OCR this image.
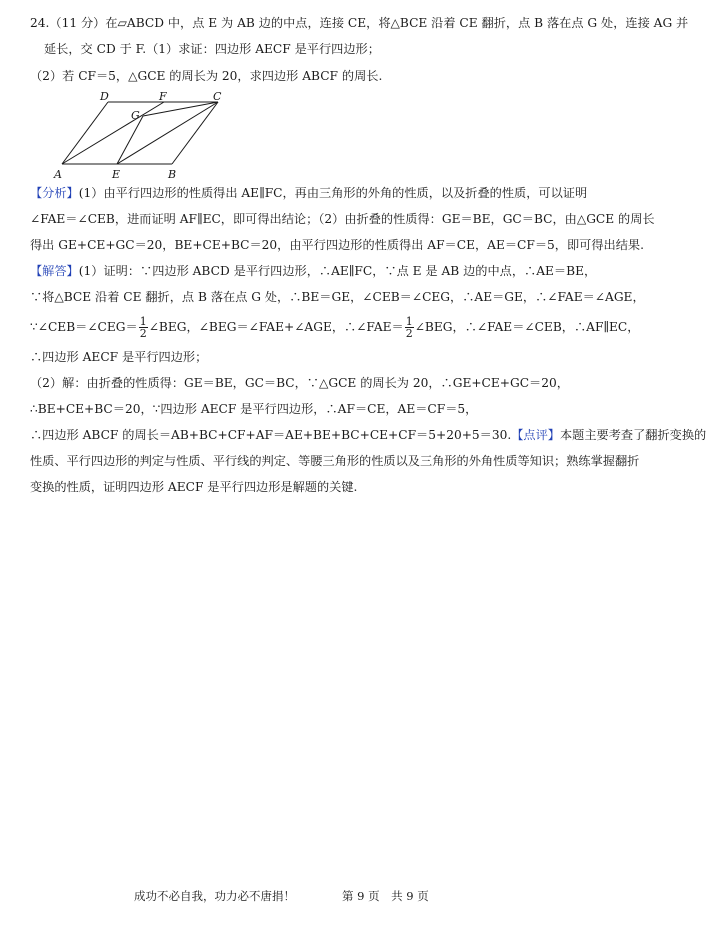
24.（11 分）在▱ABCD 中，点 E 为 AB 边的中点，连接 CE，将△BCE 沿着 CE 翻折，点 B 落在点 G 处，连接 AG 并
延长，交 CD 于 F.（1）求证：四边形 AECF 是平行四边形；
（2）若 CF＝5，△GCE 的周长为 20，求四边形 ABCF 的周长.
D	F	C
G
A	E	B
【分析】(1）由平行四边形的性质得出 AE∥FC，再由三角形的外角的性质，以及折叠的性质，可以证明
∠FAE＝∠CEB，进而证明 AF∥EC，即可得出结论；（2）由折叠的性质得：GE＝BE，GC＝BC，由△GCE 的周长
得出 GE+CE+GC＝20，BE+CE+BC＝20，由平行四边形的性质得出 AF＝CE，AE＝CF＝5，即可得出结果.
【解答】(1）证明：∵四边形 ABCD 是平行四边形，∴AE∥FC，∵点 E 是 AB 边的中点，∴AE＝BE，
∵将△BCE 沿着 CE 翻折，点 B 落在点 G 处，∴BE＝GE，∠CEB＝∠CEG，∴AE＝GE，∴∠FAE＝∠AGE，
∵∠CEB＝∠CEG＝ $\frac{1}{2}$ ∠BEG，∠BEG＝∠FAE+∠AGE，∴∠FAE＝ $\frac{1}{2}$ ∠BEG，∴∠FAE＝∠CEB，∴AF∥EC，
∴四边形 AECF 是平行四边形；
（2）解：由折叠的性质得：GE＝BE，GC＝BC，∵△GCE 的周长为 20，∴GE+CE+GC＝20，
∴BE+CE+BC＝20，∵四边形 AECF 是平行四边形，∴AF＝CE，AE＝CF＝5，
∴四边形 ABCF 的周长＝AB+BC+CF+AF＝AE+BE+BC+CE+CF＝5+20+5＝30.【点评】本题主要考查了翻折变换的
性质、平行四边形的判定与性质、平行线的判定、等腰三角形的性质以及三角形的外角性质等知识；熟练掌握翻折
变换的性质，证明四边形 AECF 是平行四边形是解题的关键.
成功不必自我，功力必不唐捐！	第 9 页　共 9 页
